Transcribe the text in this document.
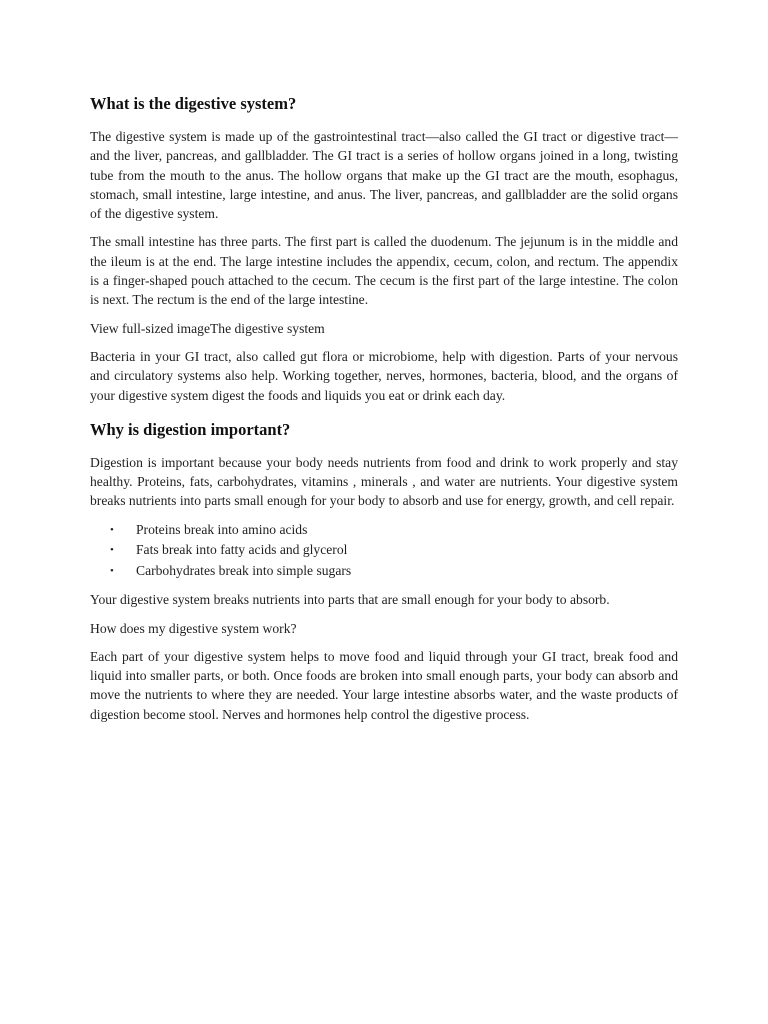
What is the digestive system?

The digestive system is made up of the gastrointestinal tract—also called the GI tract or digestive tract—and the liver, pancreas, and gallbladder. The GI tract is a series of hollow organs joined in a long, twisting tube from the mouth to the anus. The hollow organs that make up the GI tract are the mouth, esophagus, stomach, small intestine, large intestine, and anus. The liver, pancreas, and gallbladder are the solid organs of the digestive system.

The small intestine has three parts. The first part is called the duodenum. The jejunum is in the middle and the ileum is at the end. The large intestine includes the appendix, cecum, colon, and rectum. The appendix is a finger-shaped pouch attached to the cecum. The cecum is the first part of the large intestine. The colon is next. The rectum is the end of the large intestine.

View full-sized imageThe digestive system

Bacteria in your GI tract, also called gut flora or microbiome, help with digestion. Parts of your nervous and circulatory systems also help. Working together, nerves, hormones, bacteria, blood, and the organs of your digestive system digest the foods and liquids you eat or drink each day.

Why is digestion important?

Digestion is important because your body needs nutrients from food and drink to work properly and stay healthy. Proteins, fats, carbohydrates, vitamins , minerals , and water are nutrients. Your digestive system breaks nutrients into parts small enough for your body to absorb and use for energy, growth, and cell repair.

• Proteins break into amino acids
• Fats break into fatty acids and glycerol
• Carbohydrates break into simple sugars

Your digestive system breaks nutrients into parts that are small enough for your body to absorb.

How does my digestive system work?

Each part of your digestive system helps to move food and liquid through your GI tract, break food and liquid into smaller parts, or both. Once foods are broken into small enough parts, your body can absorb and move the nutrients to where they are needed. Your large intestine absorbs water, and the waste products of digestion become stool. Nerves and hormones help control the digestive process.
